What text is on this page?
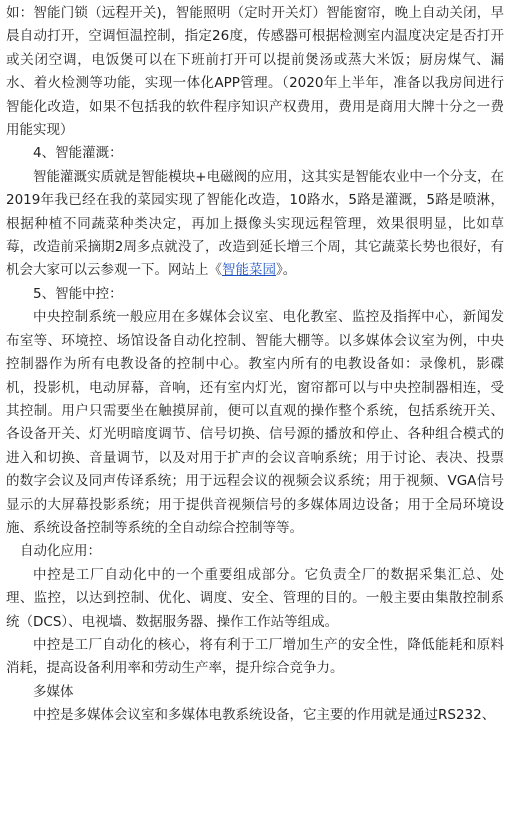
如：智能门锁（远程开关)，智能照明（定时开关灯）智能窗帘，晚上自动关闭，早晨自动打开，空调恒温控制，指定26度，传感器可根据检测室内温度决定是否打开或关闭空调，电饭煲可以在下班前打开可以提前煲汤或蒸大米饭；厨房煤气、漏水、着火检测等功能，实现一体化APP管理。（2020年上半年，准备以我房间进行智能化改造，如果不包括我的软件程序知识产权费用，费用是商用大牌十分之一费用能实现）

4、智能灌溉：

智能灌溉实质就是智能模块+电磁阀的应用，这其实是智能农业中一个分支，在2019年我已经在我的菜园实现了智能化改造，10路水，5路是灌溉，5路是喷淋，根据种植不同蔬菜种类决定，再加上摄像头实现远程管理，效果很明显，比如草莓，改造前采摘期2周多点就没了，改造到延长增三个周，其它蔬菜长势也很好，有机会大家可以云参观一下。网站上《智能菜园》。

5、智能中控：

中央控制系统一般应用在多媒体会议室、电化教室、监控及指挥中心，新闻发布室等、环境控、场馆设备自动化控制、智能大棚等。以多媒体会议室为例，中央控制器作为所有电教设备的控制中心。教室内所有的电教设备如：录像机，影碟机，投影机，电动屏幕，音响，还有室内灯光，窗帘都可以与中央控制器相连，受其控制。用户只需要坐在触摸屏前，便可以直观的操作整个系统，包括系统开关、各设备开关、灯光明暗度调节、信号切换、信号源的播放和停止、各种组合模式的进入和切换、音量调节，以及对用于扩声的会议音响系统；用于讨论、表决、投票的数字会议及同声传译系统；用于远程会议的视频会议系统；用于视频、VGA信号显示的大屏幕投影系统；用于提供音视频信号的多媒体周边设备；用于全局环境设施、系统设备控制等系统的全自动综合控制等等。

自动化应用：

中控是工厂自动化中的一个重要组成部分。它负责全厂的数据采集汇总、处理、监控，以达到控制、优化、调度、安全、管理的目的。一般主要由集散控制系统（DCS）、电视墙、数据服务器、操作工作站等组成。

中控是工厂自动化的核心，将有利于工厂增加生产的安全性，降低能耗和原料消耗，提高设备利用率和劳动生产率，提升综合竞争力。

多媒体

中控是多媒体会议室和多媒体电教系统设备，它主要的作用就是通过RS232、
